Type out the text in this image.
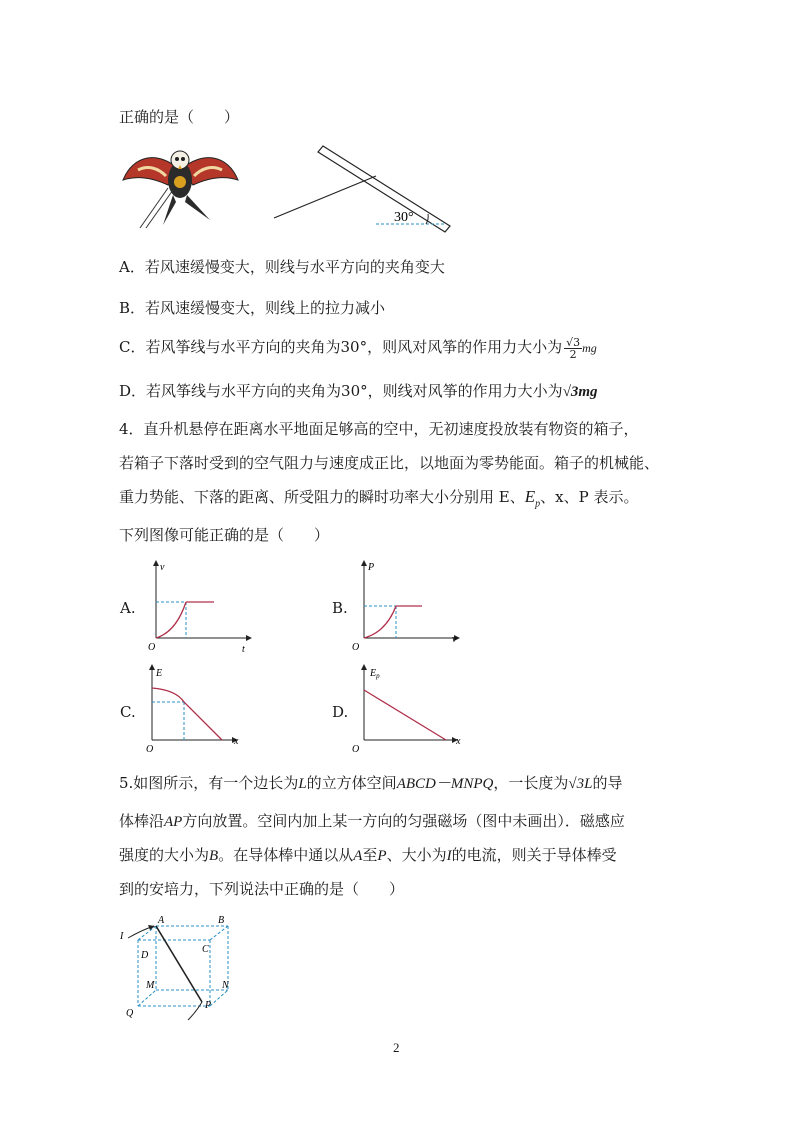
正确的是（　　）
30°
A．若风速缓慢变大，则线与水平方向的夹角变大
B．若风速缓慢变大，则线上的拉力减小
C．若风筝线与水平方向的夹角为30°，则风对风筝的作用力大小为 $\frac{√3}{2}$ mg
D．若风筝线与水平方向的夹角为30°，则线对风筝的作用力大小为√3mg
4．直升机悬停在距离水平地面足够高的空中，无初速度投放装有物资的箱子，
若箱子下落时受到的空气阻力与速度成正比，以地面为零势能面。箱子的机械能、
重力势能、下落的距离、所受阻力的瞬时功率大小分别用 E、$E_p$、x、P 表示。
下列图像可能正确的是（　　）
A.	B.
C.	D.
v
t
O
P
v
O
E
x
O
$E_p$
x
O
5.如图所示，有一个边长为L的立方体空间ABCD－MNPQ，一长度为√3L的导
体棒沿AP方向放置。空间内加上某一方向的匀强磁场（图中未画出）．磁感应
强度的大小为B。在导体棒中通以从A至P、大小为I的电流，则关于导体棒受
到的安培力，下列说法中正确的是（　　）
I
A	B
C
D
M	N
P
Q
2
